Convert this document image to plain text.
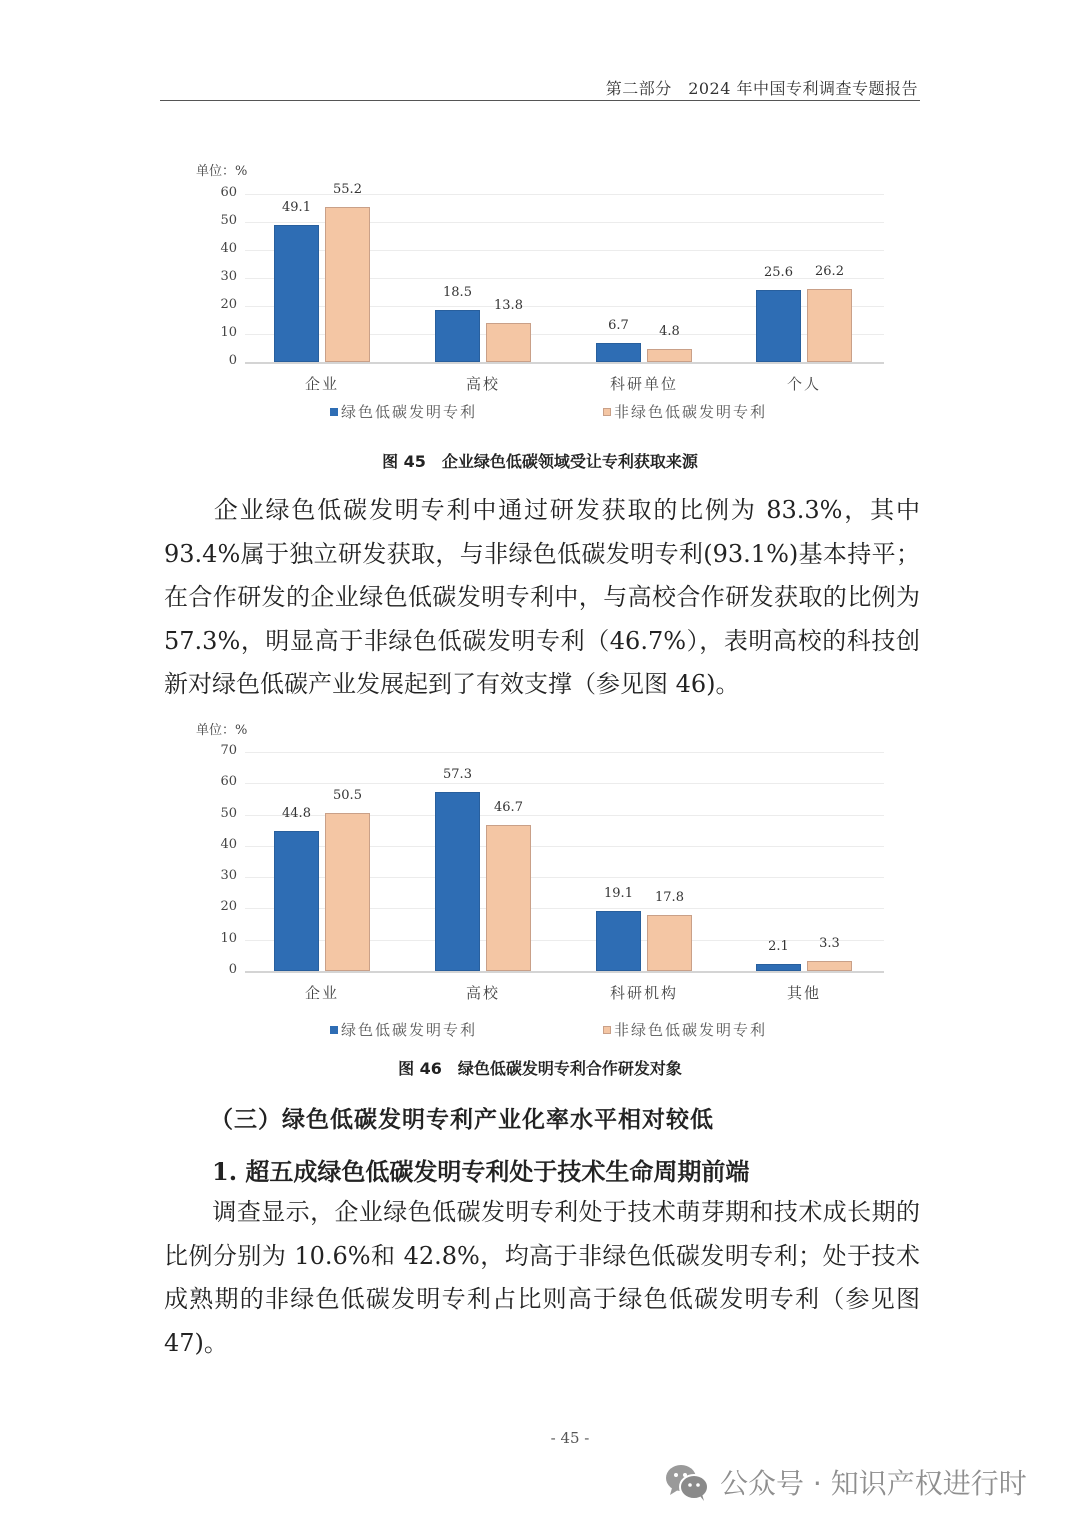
第二部分　2024 年中国专利调查专题报告
单位：%
0
10
20
30
40
50
60
49.1
55.2
企业
18.5
13.8
高校
6.7	4.8
科研单位
25.6	26.2
个人
绿色低碳发明专利	非绿色低碳发明专利
图 45　企业绿色低碳领域受让专利获取来源
企业绿色低碳发明专利中通过研发获取的比例为 83.3%，其中93.4%属于独立研发获取，与非绿色低碳发明专利(93.1%)基本持平；在合作研发的企业绿色低碳发明专利中，与高校合作研发获取的比例为 57.3%，明显高于非绿色低碳发明专利（46.7%），表明高校的科技创新对绿色低碳产业发展起到了有效支撑（参见图 46)。
单位：%
0
10
20
30
40
50
60
70
44.8
50.5
企业
57.3
46.7
高校
19.1	17.8
科研机构
2.1	3.3
其他
绿色低碳发明专利	非绿色低碳发明专利
图 46　绿色低碳发明专利合作研发对象
（三）绿色低碳发明专利产业化率水平相对较低
1. 超五成绿色低碳发明专利处于技术生命周期前端
调查显示，企业绿色低碳发明专利处于技术萌芽期和技术成长期的比例分别为 10.6%和 42.8%，均高于非绿色低碳发明专利；处于技术成熟期的非绿色低碳发明专利占比则高于绿色低碳发明专利（参见图 47)。
- 45 -
公众号 · 知识产权进行时
